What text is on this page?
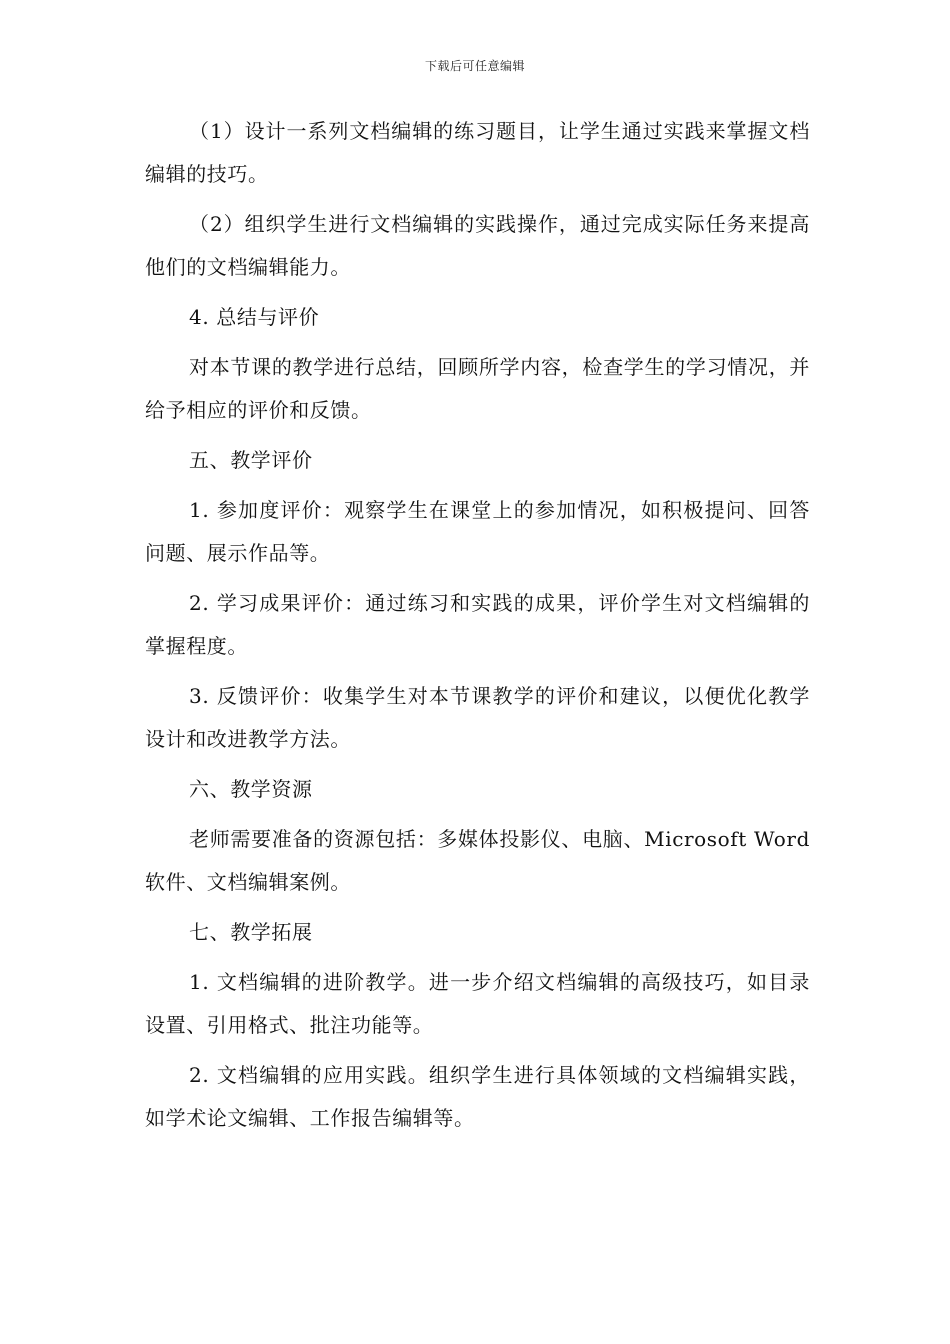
下载后可任意编辑

（1）设计一系列文档编辑的练习题目，让学生通过实践来掌握文档编辑的技巧。

（2）组织学生进行文档编辑的实践操作，通过完成实际任务来提高他们的文档编辑能力。

4. 总结与评价

对本节课的教学进行总结，回顾所学内容，检查学生的学习情况，并给予相应的评价和反馈。

五、教学评价

1. 参加度评价：观察学生在课堂上的参加情况，如积极提问、回答问题、展示作品等。

2. 学习成果评价：通过练习和实践的成果，评价学生对文档编辑的掌握程度。

3. 反馈评价：收集学生对本节课教学的评价和建议，以便优化教学设计和改进教学方法。

六、教学资源

老师需要准备的资源包括：多媒体投影仪、电脑、Microsoft Word 软件、文档编辑案例。

七、教学拓展

1. 文档编辑的进阶教学。进一步介绍文档编辑的高级技巧，如目录设置、引用格式、批注功能等。

2. 文档编辑的应用实践。组织学生进行具体领域的文档编辑实践，如学术论文编辑、工作报告编辑等。
